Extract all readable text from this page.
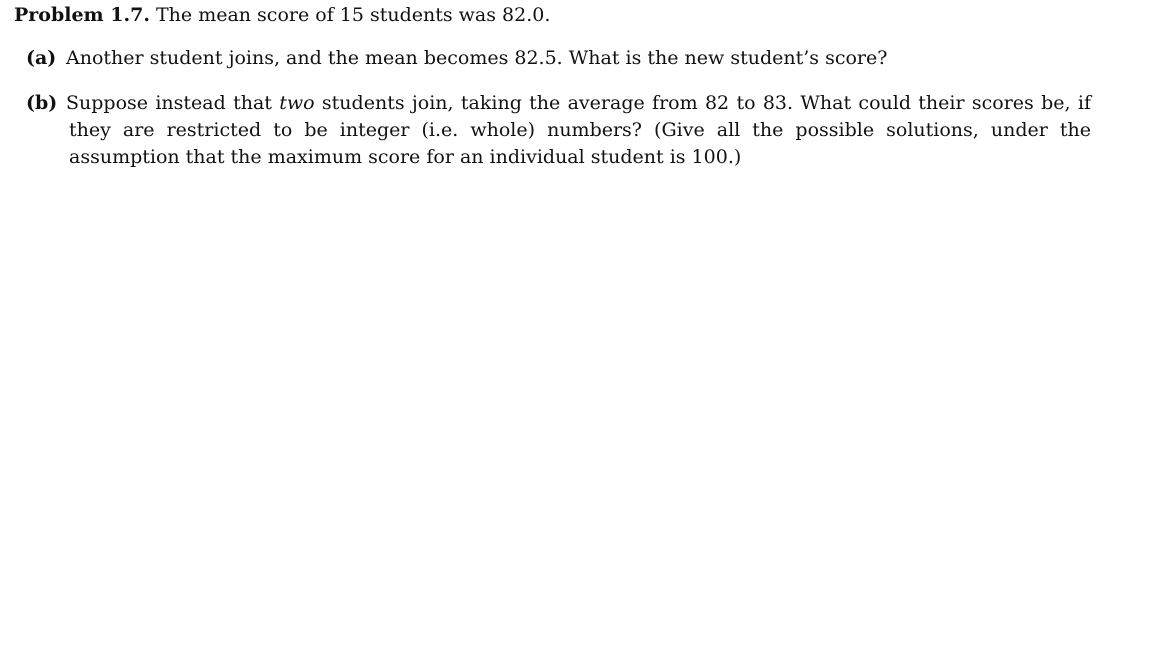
Problem 1.7. The mean score of 15 students was 82.0.
(a) Another student joins, and the mean becomes 82.5. What is the new student’s score?
(b) Suppose instead that two students join, taking the average from 82 to 83. What could their scores be, if they are restricted to be integer (i.e. whole) numbers? (Give all the possible solutions, under the assumption that the maximum score for an individual student is 100.)
